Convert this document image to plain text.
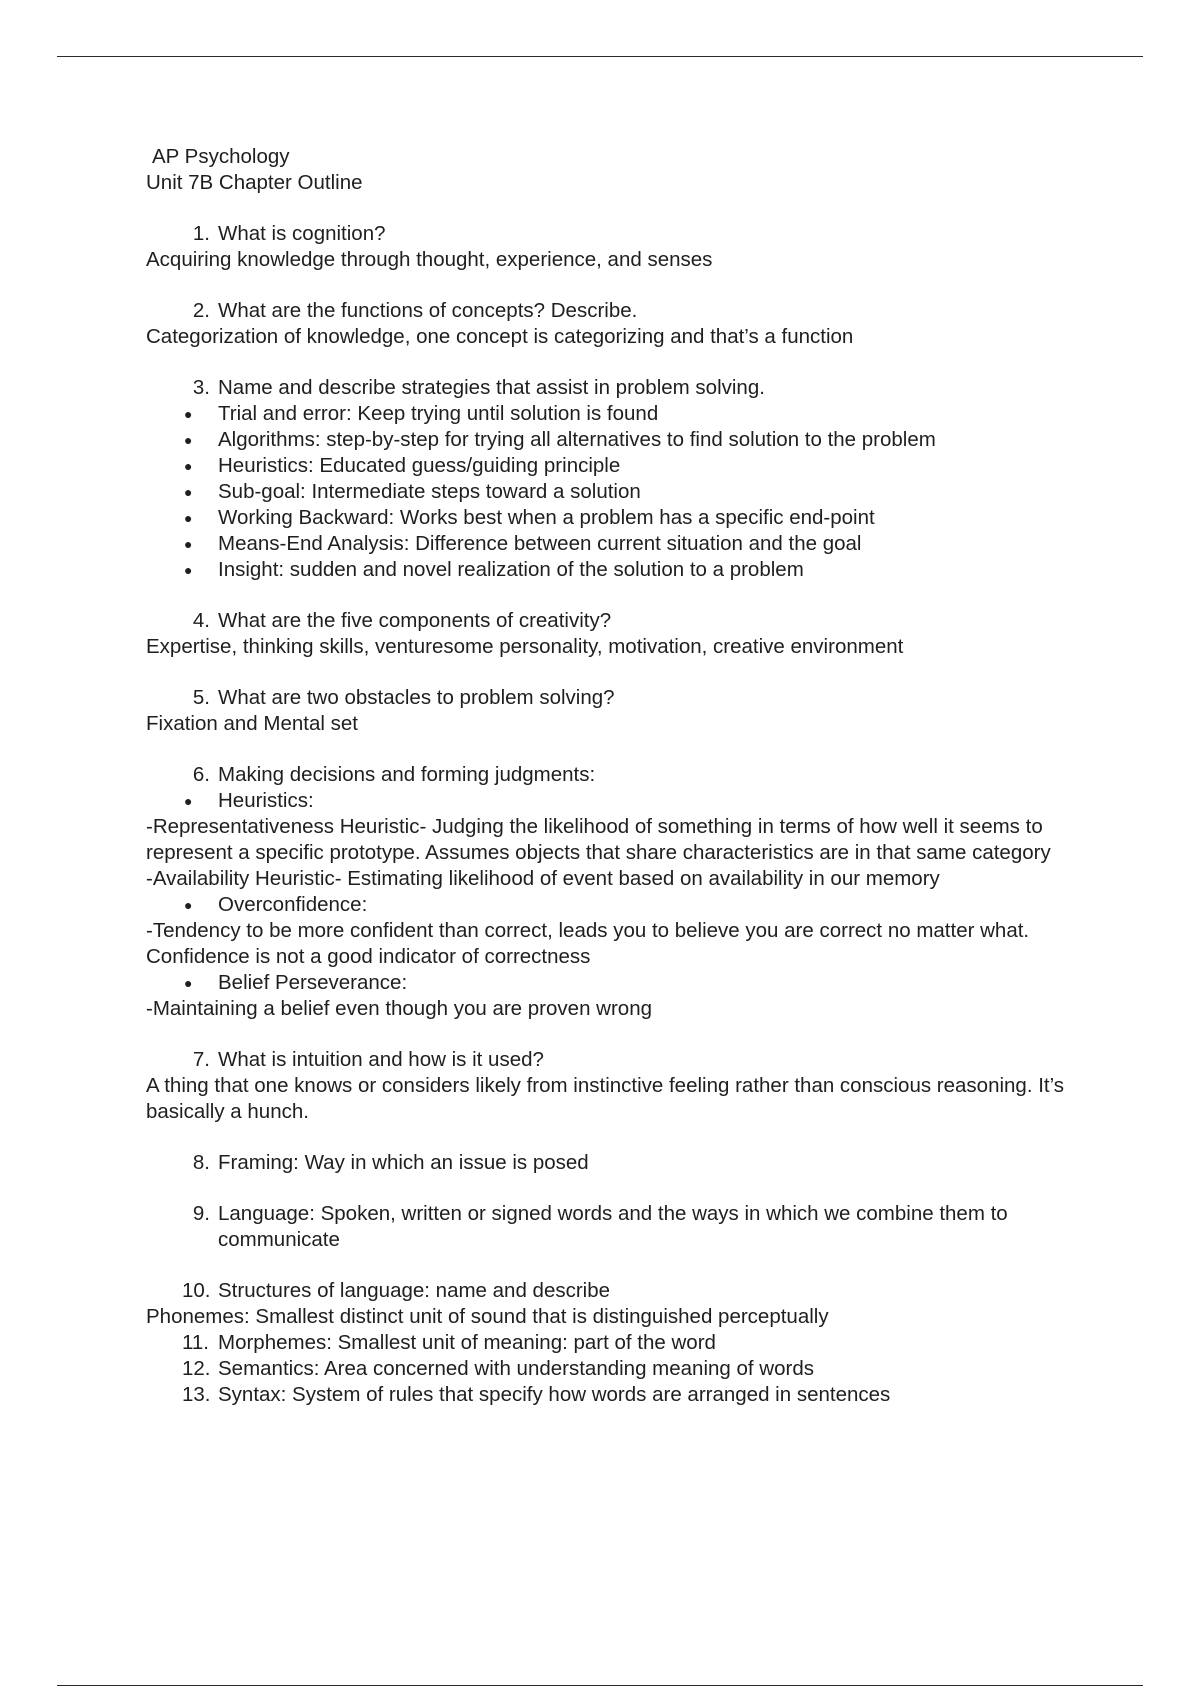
AP Psychology
Unit 7B Chapter Outline
1. What is cognition?
Acquiring knowledge through thought, experience, and senses
2. What are the functions of concepts? Describe.
Categorization of knowledge, one concept is categorizing and that’s a function
3. Name and describe strategies that assist in problem solving.
● Trial and error: Keep trying until solution is found
● Algorithms: step-by-step for trying all alternatives to find solution to the problem
● Heuristics: Educated guess/guiding principle
● Sub-goal: Intermediate steps toward a solution
● Working Backward: Works best when a problem has a specific end-point
● Means-End Analysis: Difference between current situation and the goal
● Insight: sudden and novel realization of the solution to a problem
4. What are the five components of creativity?
Expertise, thinking skills, venturesome personality, motivation, creative environment
5. What are two obstacles to problem solving?
Fixation and Mental set
6. Making decisions and forming judgments:
● Heuristics:
-Representativeness Heuristic- Judging the likelihood of something in terms of how well it seems to represent a specific prototype. Assumes objects that share characteristics are in that same category
-Availability Heuristic- Estimating likelihood of event based on availability in our memory
● Overconfidence:
-Tendency to be more confident than correct, leads you to believe you are correct no matter what. Confidence is not a good indicator of correctness
● Belief Perseverance:
-Maintaining a belief even though you are proven wrong
7. What is intuition and how is it used?
A thing that one knows or considers likely from instinctive feeling rather than conscious reasoning. It’s basically a hunch.
8. Framing: Way in which an issue is posed
9. Language: Spoken, written or signed words and the ways in which we combine them to communicate
10. Structures of language: name and describe
Phonemes: Smallest distinct unit of sound that is distinguished perceptually
11. Morphemes: Smallest unit of meaning: part of the word
12. Semantics: Area concerned with understanding meaning of words
13. Syntax: System of rules that specify how words are arranged in sentences
